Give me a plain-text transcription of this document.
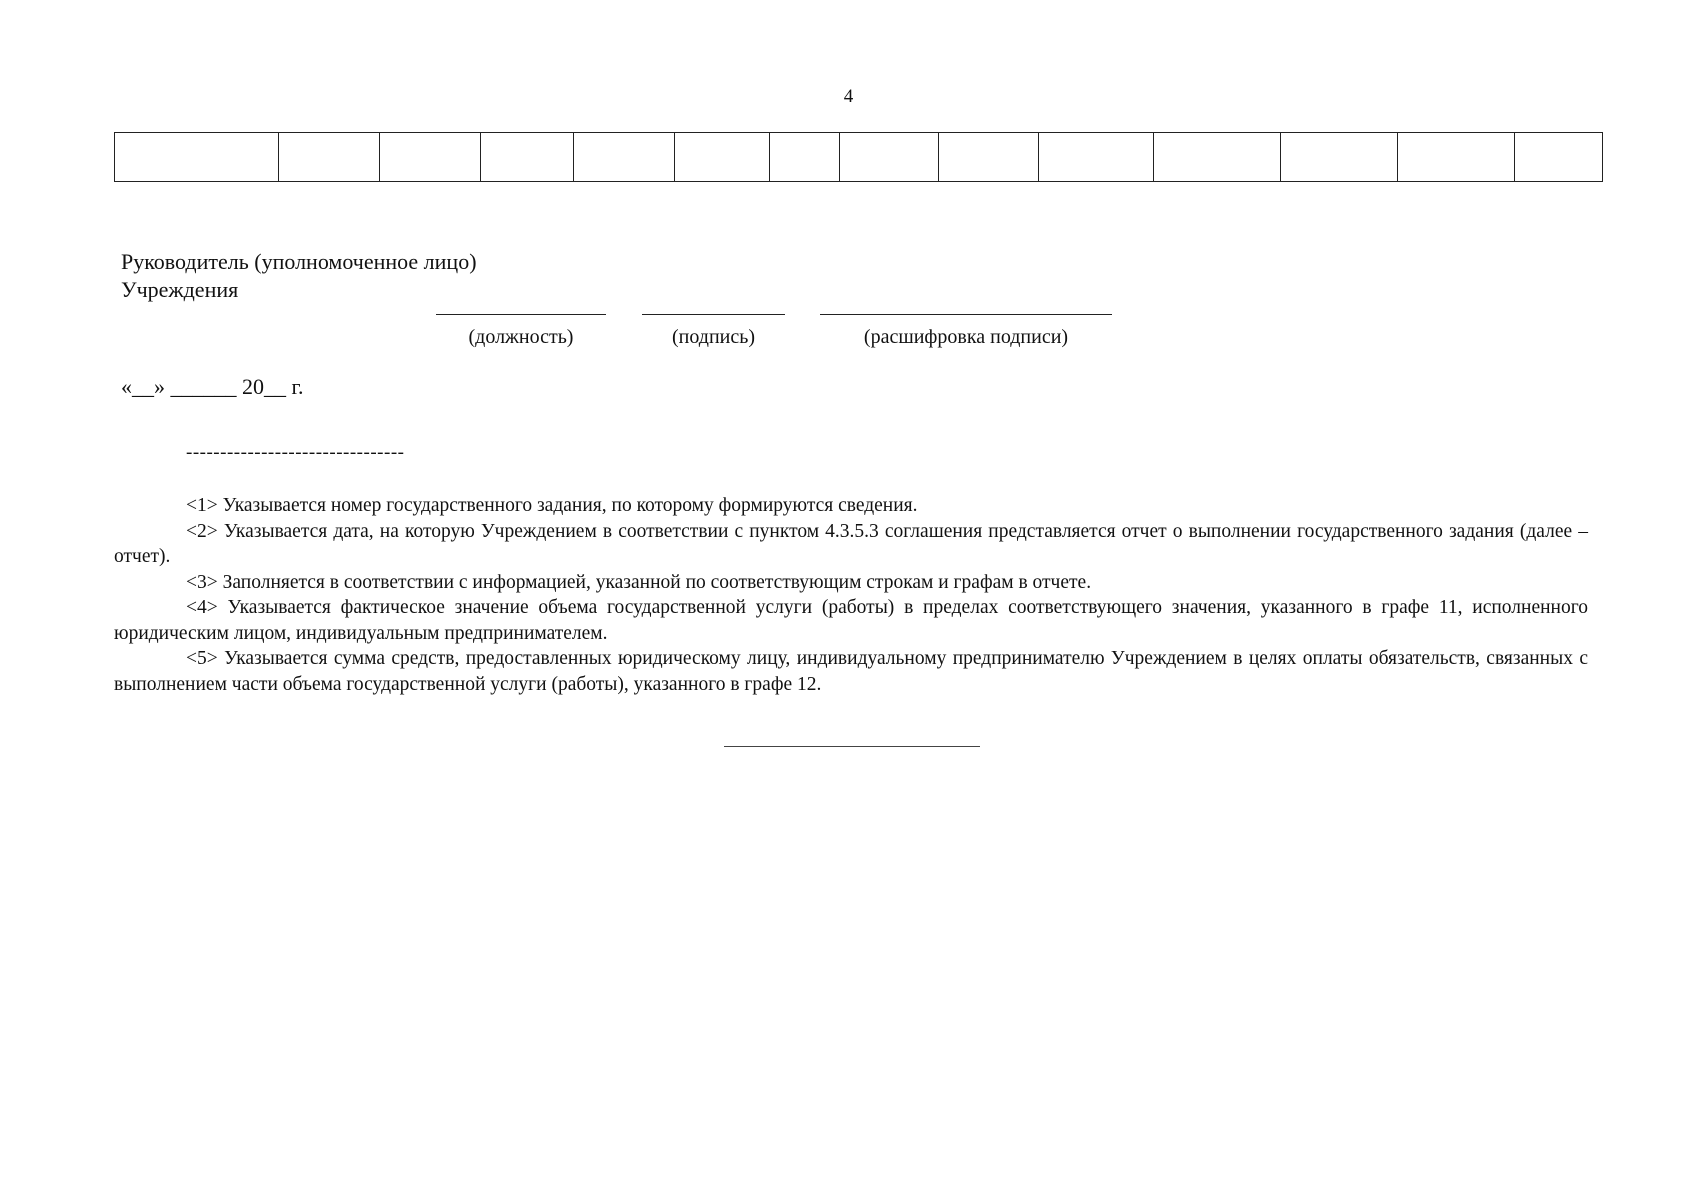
4

Руководитель (уполномоченное лицо)
Учреждения
(должность)	(подпись)	(расшифровка подписи)
«__» ______ 20__ г.
--------------------------------

<1> Указывается номер государственного задания, по которому формируются сведения.

<2> Указывается дата, на которую Учреждением в соответствии с пунктом 4.3.5.3 соглашения представляется отчет о выполнении государственного задания (далее – отчет).

<3> Заполняется в соответствии с информацией, указанной по соответствующим строкам и графам в отчете.

<4> Указывается фактическое значение объема государственной услуги (работы) в пределах соответствующего значения, указанного в графе 11, исполненного юридическим лицом, индивидуальным предпринимателем.

<5> Указывается сумма средств, предоставленных юридическому лицу, индивидуальному предпринимателю Учреждением в целях оплаты обязательств, связанных с выполнением части объема государственной услуги (работы), указанного в графе 12.
